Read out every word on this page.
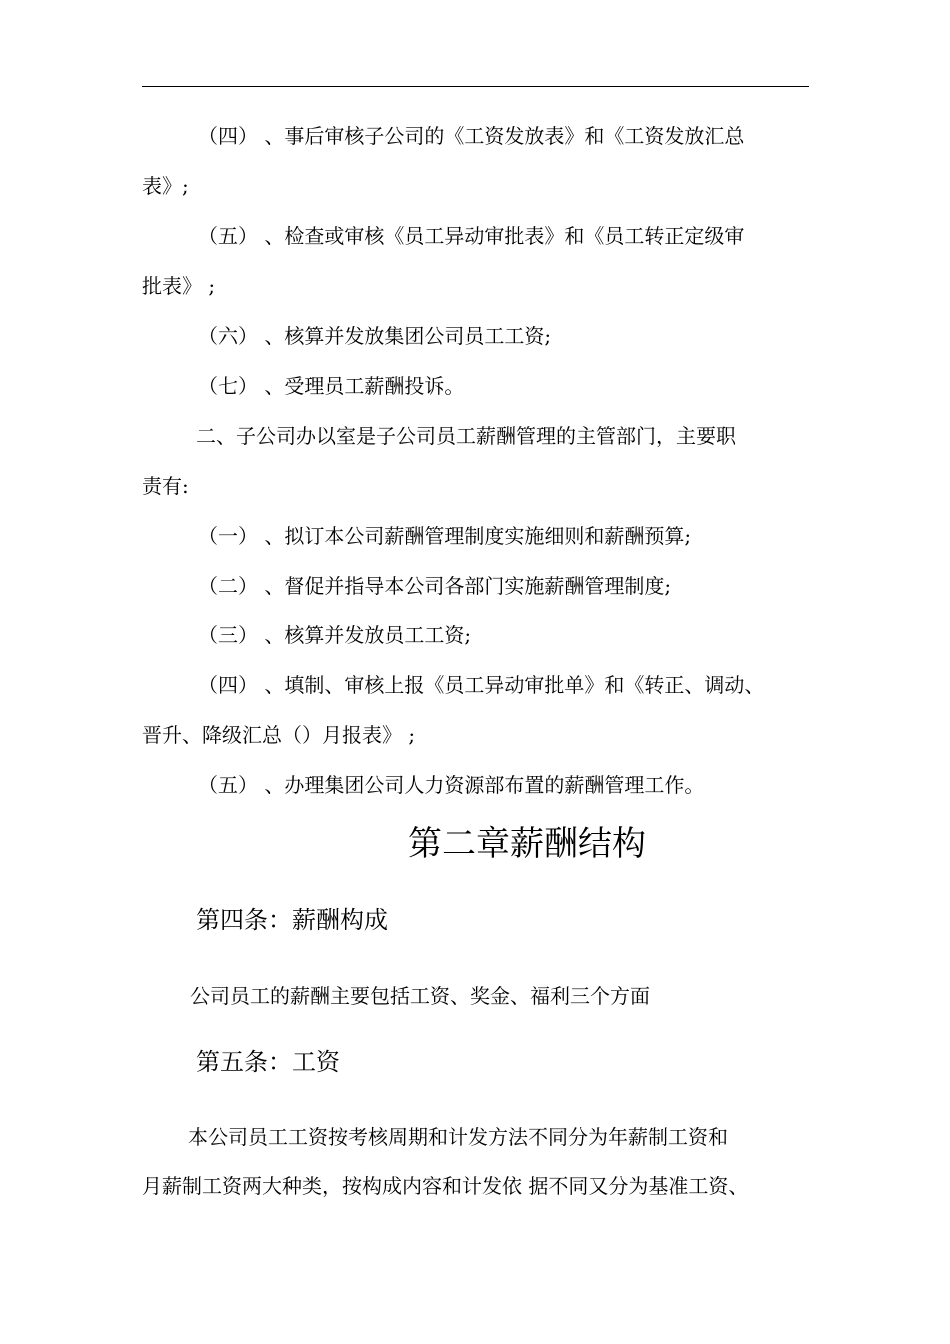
（四） 、事后审核子公司的《工资发放表》和《工资发放汇总

表》;

（五） 、检查或审核《员工异动审批表》和《员工转正定级审

批表》 ;

（六） 、核算并发放集团公司员工工资;

（七） 、受理员工薪酬投诉。

二、子公司办以室是子公司员工薪酬管理的主管部门，主要职

责有:

（一） 、拟订本公司薪酬管理制度实施细则和薪酬预算;

（二） 、督促并指导本公司各部门实施薪酬管理制度;

（三） 、核算并发放员工工资;

（四） 、填制、审核上报《员工异动审批单》和《转正、调动、

晋升、降级汇总（）月报表》 ;

（五） 、办理集团公司人力资源部布置的薪酬管理工作。

第二章薪酬结构
第四条：薪酬构成

公司员工的薪酬主要包括工资、奖金、福利三个方面

第五条：工资

本公司员工工资按考核周期和计发方法不同分为年薪制工资和

月薪制工资两大种类，按构成内容和计发依 据不同又分为基准工资、
